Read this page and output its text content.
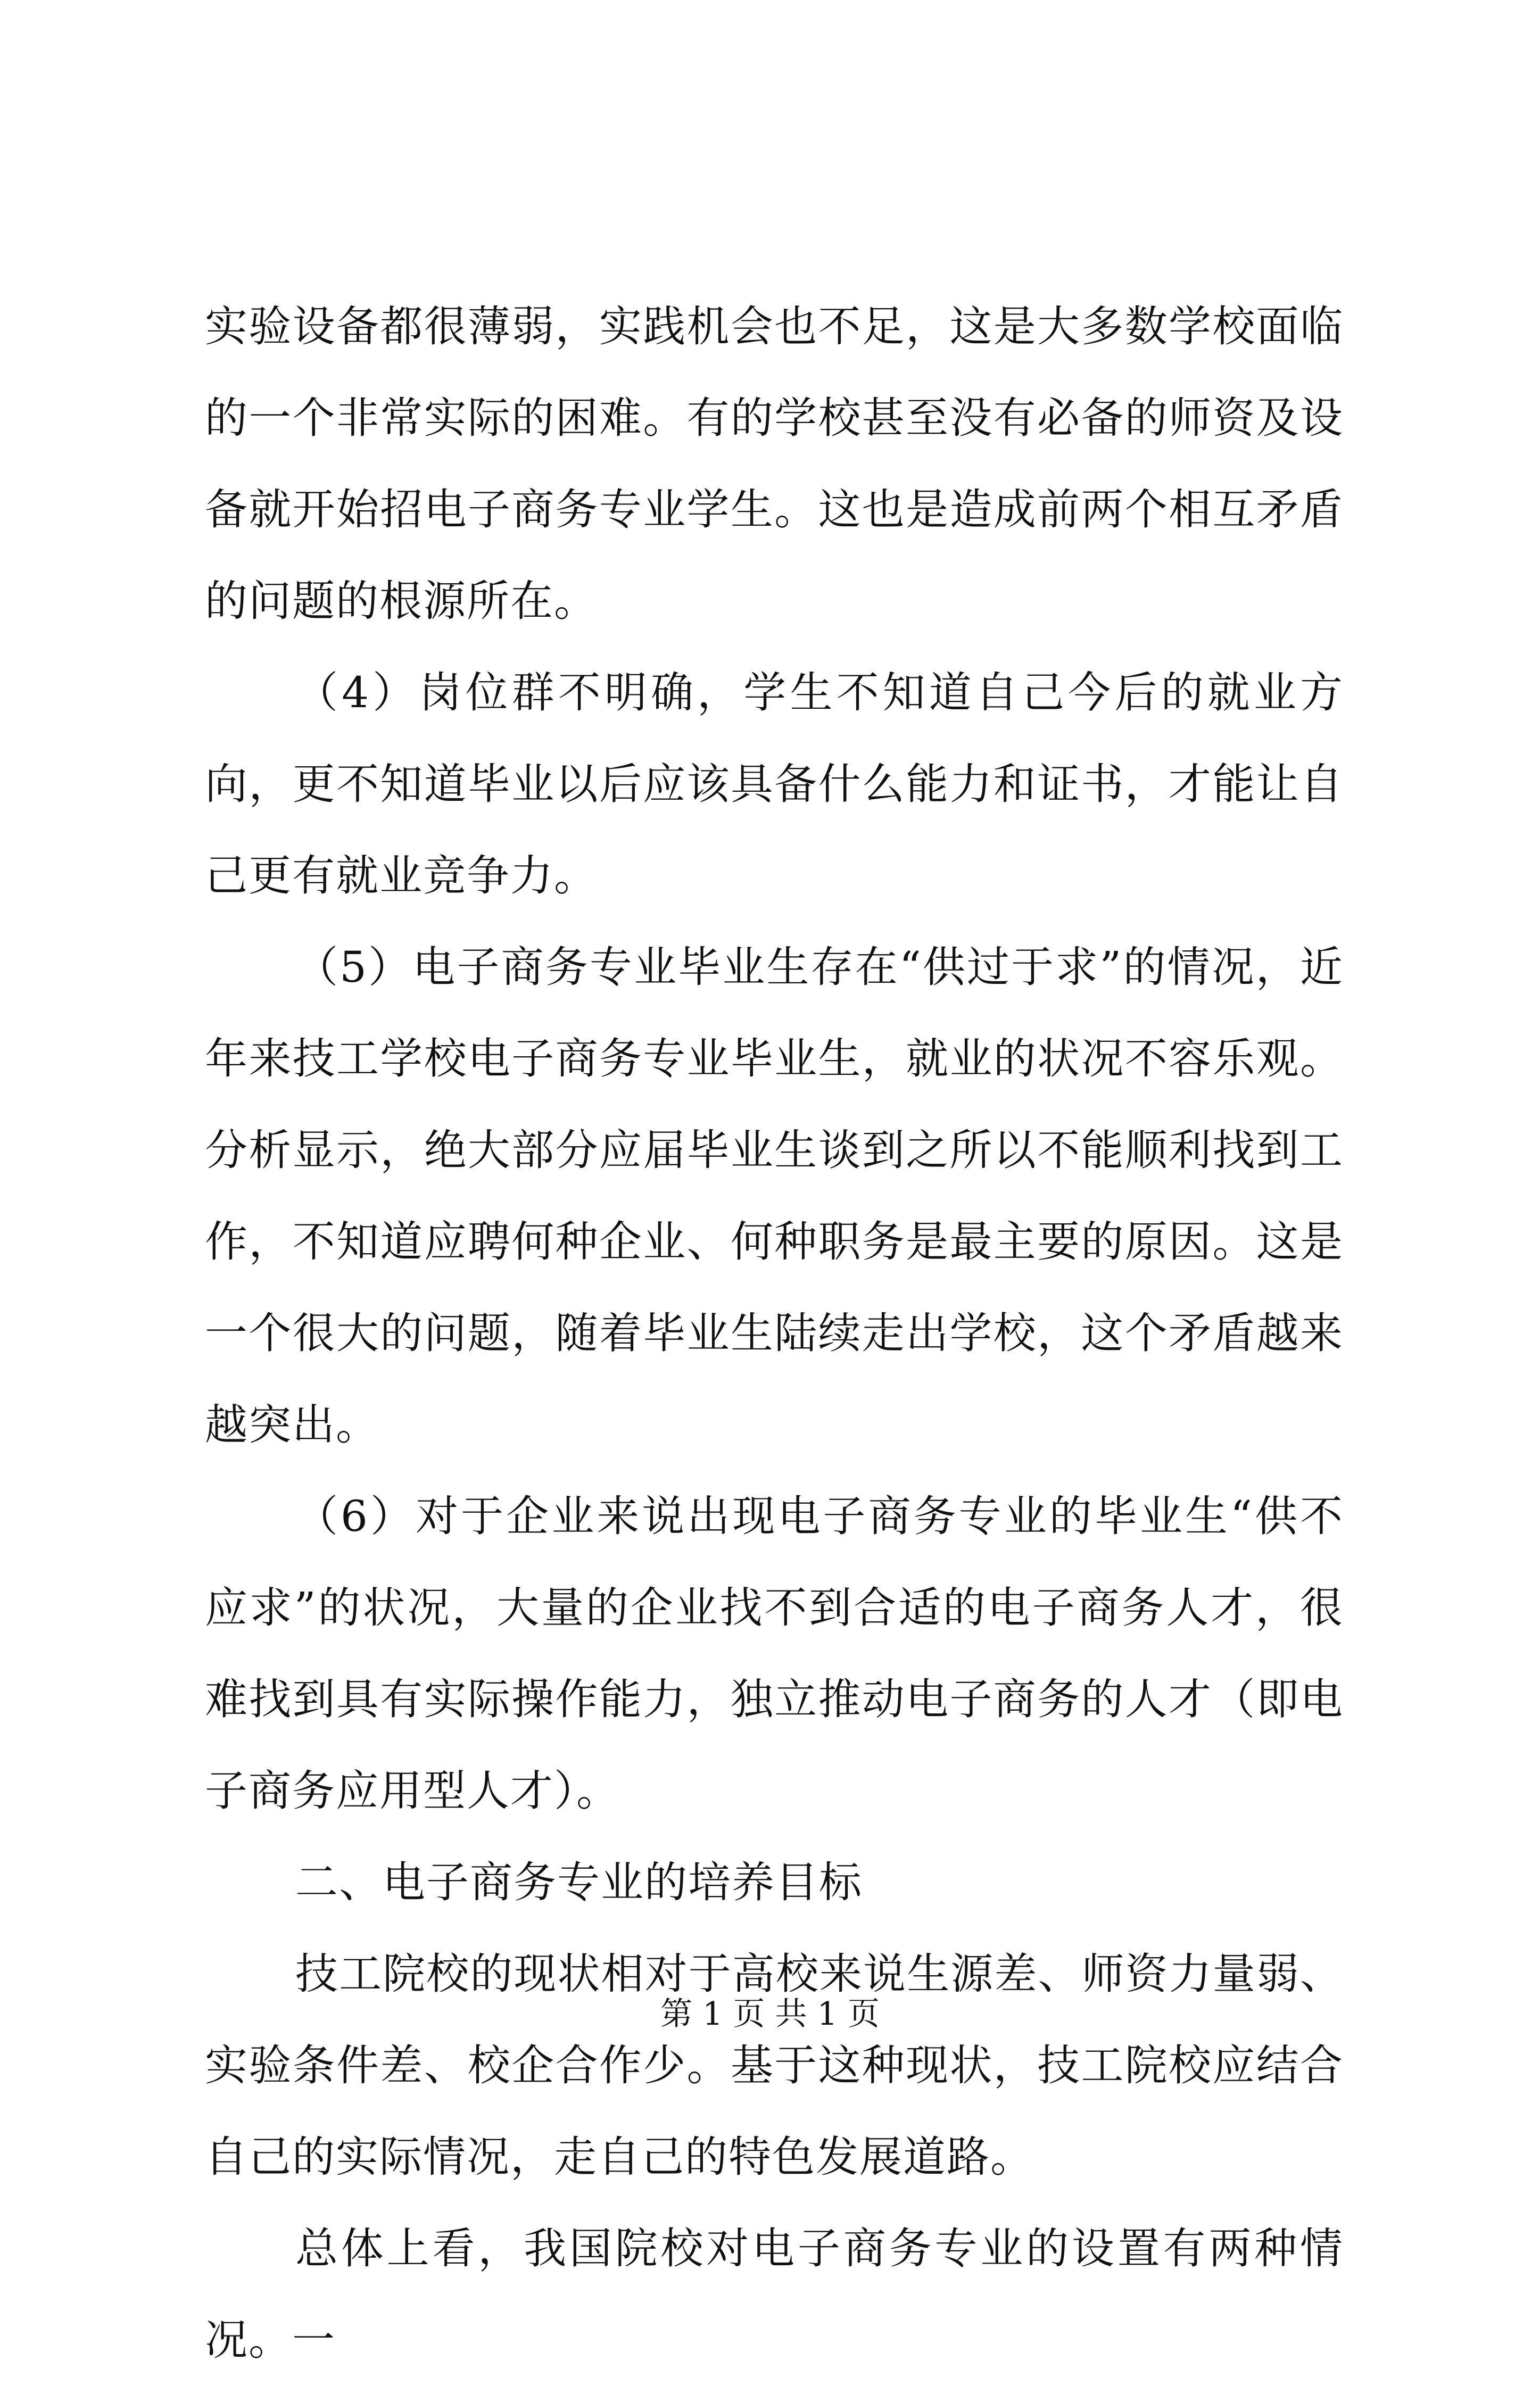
实验设备都很薄弱，实践机会也不足，这是大多数学校面临的一个非常实际的困难。有的学校甚至没有必备的师资及设备就开始招电子商务专业学生。这也是造成前两个相互矛盾的问题的根源所在。

（4）岗位群不明确，学生不知道自己今后的就业方向，更不知道毕业以后应该具备什么能力和证书，才能让自己更有就业竞争力。

（5）电子商务专业毕业生存在“供过于求”的情况，近年来技工学校电子商务专业毕业生，就业的状况不容乐观。分析显示，绝大部分应届毕业生谈到之所以不能顺利找到工作，不知道应聘何种企业、何种职务是最主要的原因。这是一个很大的问题，随着毕业生陆续走出学校，这个矛盾越来越突出。

（6）对于企业来说出现电子商务专业的毕业生“供不应求”的状况，大量的企业找不到合适的电子商务人才，很难找到具有实际操作能力，独立推动电子商务的人才（即电子商务应用型人才）。

二、电子商务专业的培养目标

技工院校的现状相对于高校来说生源差、师资力量弱、实验条件差、校企合作少。基于这种现状，技工院校应结合自己的实际情况，走自己的特色发展道路。

总体上看，我国院校对电子商务专业的设置有两种情况。一

第 1 页 共 1 页
